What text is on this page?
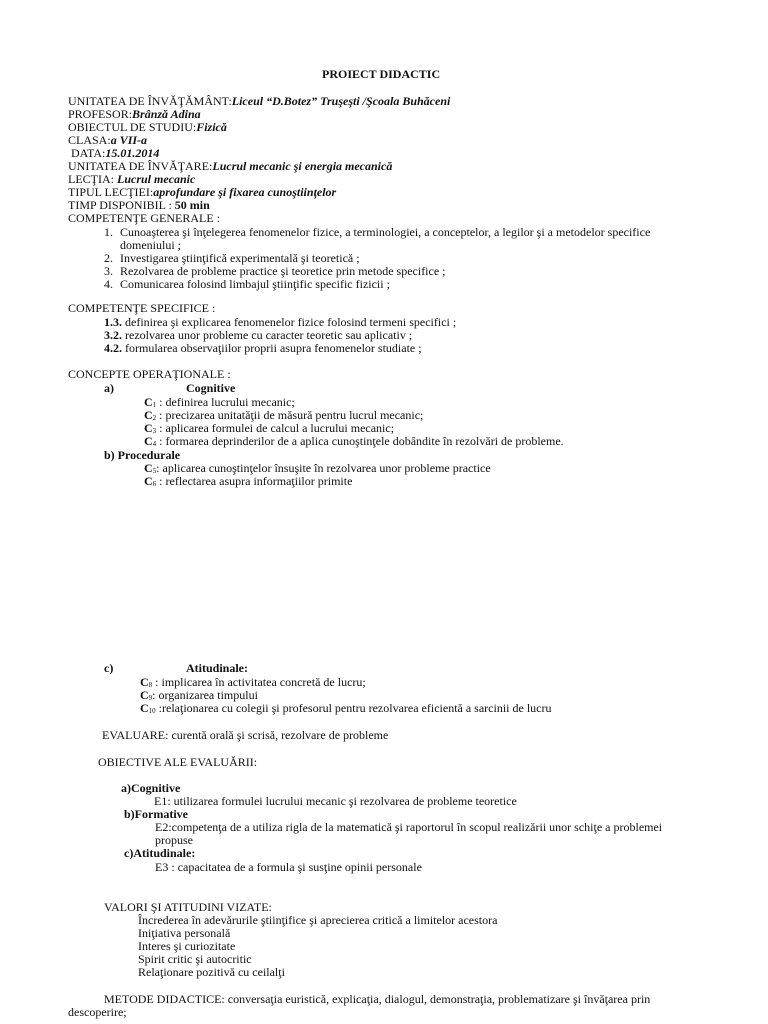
PROIECT DIDACTIC
UNITATEA DE ÎNVĂŢĂMÂNT:Liceul “D.Botez” Truşeşti /Şcoala Buhăceni
PROFESOR:Brânză Adina
OBIECTUL DE STUDIU:Fizică
CLASA:a VII-a
DATA:15.01.2014
UNITATEA DE ÎNVĂŢARE:Lucrul mecanic şi energia mecanică
LECŢIA: Lucrul mecanic
TIPUL LECŢIEI:aprofundare şi fixarea cunoştiinţelor
TIMP DISPONIBIL : 50 min
COMPETENŢE GENERALE :
1. Cunoaşterea şi înţelegerea fenomenelor fizice, a terminologiei, a conceptelor, a legilor şi a metodelor specifice
domeniului ;
2. Investigarea ştiinţifică experimentală şi teoretică ;
3. Rezolvarea de probleme practice şi teoretice prin metode specifice ;
4. Comunicarea folosind limbajul ştiinţific specific fizicii ;
COMPETENŢE SPECIFICE :
1.3. definirea şi explicarea fenomenelor fizice folosind termeni specifici ;
3.2. rezolvarea unor probleme cu caracter teoretic sau aplicativ ;
4.2. formularea observaţiilor proprii asupra fenomenelor studiate ;
CONCEPTE OPERAŢIONALE :
a)	Cognitive
$C_1$ : definirea lucrului mecanic;
$C_2$ : precizarea unitatăţii de măsură pentru lucrul mecanic;
$C_3$ : aplicarea formulei de calcul a lucrului mecanic;
$C_4$ : formarea deprinderilor de a aplica cunoştinţele dobândite în rezolvări de probleme.
b) Procedurale
$C_5$: aplicarea cunoştinţelor însuşite în rezolvarea unor probleme practice
$C_6$ : reflectarea asupra informaţiilor primite
c)	Atitudinale:
$C_8$ : implicarea în activitatea concretă de lucru;
$C_9$: organizarea timpului
$C_{10}$ :relaţionarea cu colegii şi profesorul pentru rezolvarea eficientă a sarcinii de lucru
EVALUARE: curentă orală şi scrisă, rezolvare de probleme
OBIECTIVE ALE EVALUĂRII:
a)Cognitive
E1: utilizarea formulei lucrului mecanic şi rezolvarea de probleme teoretice
b)Formative
E2:competenţa de a utiliza rigla de la matematică şi raportorul în scopul realizării unor schiţe a problemei
propuse
c)Atitudinale:
E3 : capacitatea de a formula şi susţine opinii personale
VALORI ŞI ATITUDINI VIZATE:
Încrederea în adevărurile ştiinţifice şi aprecierea critică a limitelor acestora
Iniţiativa personală
Interes şi curiozitate
Spirit critic şi autocritic
Relaţionare pozitivă cu ceilalţi
METODE DIDACTICE: conversaţia euristică, explicaţia, dialogul, demonstraţia, problematizare şi învăţarea prin
descoperire;
